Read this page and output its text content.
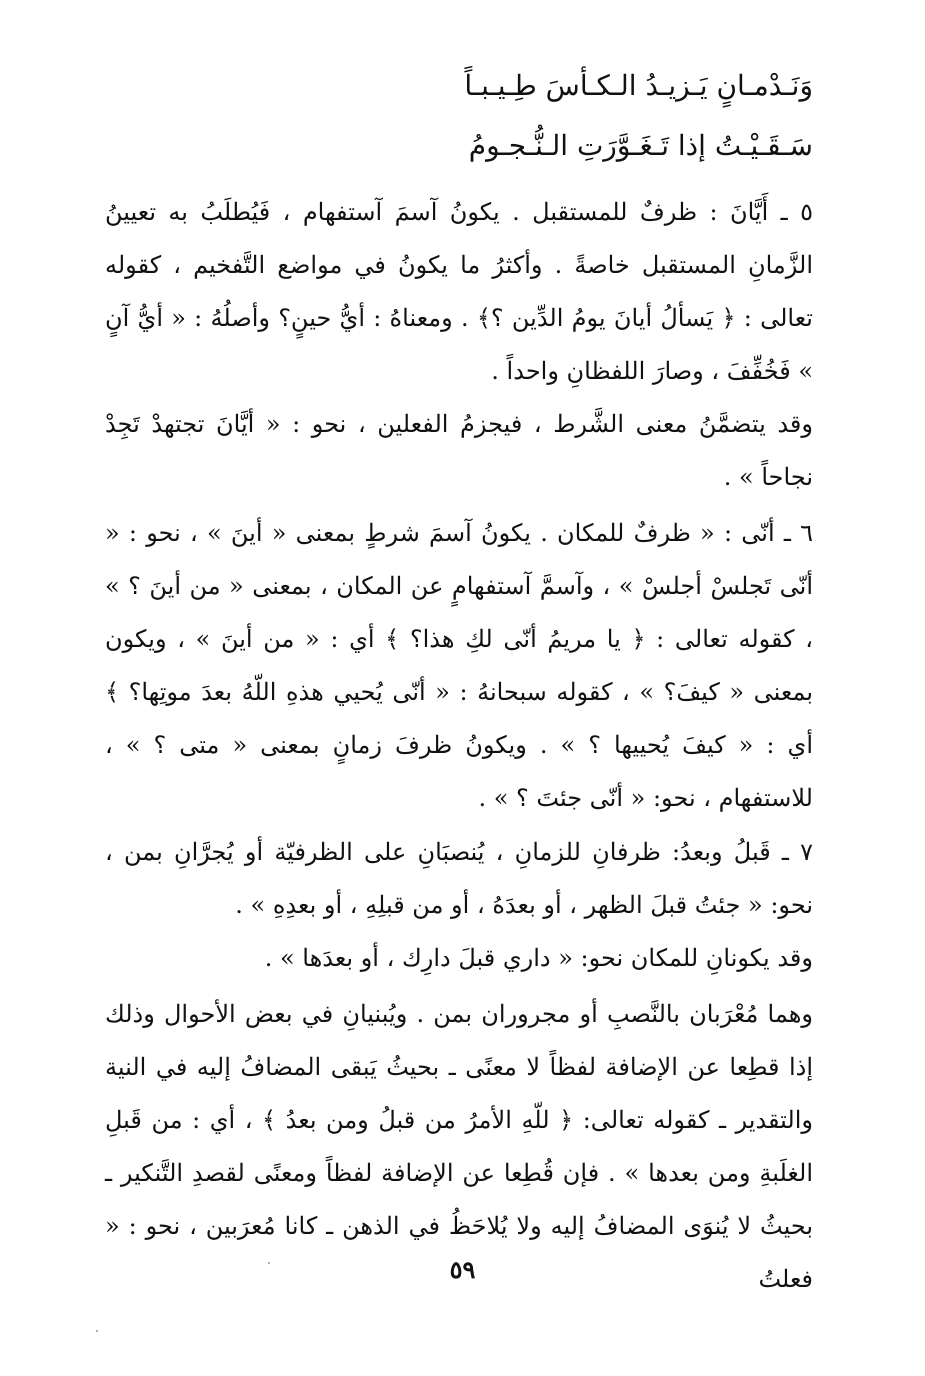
وَنَـدْمـانٍ يَـزيـدُ الـكـأسَ طِـيـبـاً
سَـقَـيْـتُ إذا تَـغَـوَّرَتِ الـنُّـجـومُ
٥ ـ أَيَّانَ : ظرفٌ للمستقبل . يكونُ آسمَ آستفهام ، فَيُطلَبُ به تعيينُ الزَّمانِ المستقبل خاصةً . وأكثرُ ما يكونُ في مواضع التَّفخيم ، كقوله تعالى : ﴿ يَسألُ أيانَ يومُ الدِّين ؟﴾ . ومعناهُ : أيُّ حينٍ؟ وأصلُهُ : « أيُّ آنٍ » فَخُفِّفَ ، وصارَ اللفظانِ واحداً .
وقد يتضمَّنُ معنى الشَّرط ، فيجزمُ الفعلين ، نحو : « أيَّانَ تجتهدْ تَجِدْ نجاحاً » .
٦ ـ أنّى : « ظرفٌ للمكان . يكونُ آسمَ شرطٍ بمعنى « أينَ » ، نحو : « أنّى تَجلسْ أجلسْ » ، وآسمَّ آستفهامٍ عن المكان ، بمعنى « من أينَ ؟ » ، كقوله تعالى : ﴿ يا مريمُ أنّى لكِ هذا؟ ﴾ أي : « من أينَ » ، ويكون بمعنى « كيفَ؟ » ، كقوله سبحانهُ : « أنّى يُحيي هذهِ اللّهُ بعدَ موتِها؟ ﴾ أي : « كيفَ يُحييها ؟ » . ويكونُ ظرفَ زمانٍ بمعنى « متى ؟ » ، للاستفهام ، نحو: « أنّى جئتَ ؟ » .
٧ ـ قَبلُ وبعدُ: ظرفانِ للزمانِ ، يُنصبَانِ على الظرفيّة أو يُجرَّانِ بمن ، نحو: « جئتُ قبلَ الظهر ، أو بعدَهُ ، أو من قبلِهِ ، أو بعدِهِ » .
وقد يكونانِ للمكان نحو: « داري قبلَ دارِك ، أو بعدَها » .
وهما مُعْرَبان بالنَّصبِ أو مجروران بمن . ويُبنيانِ في بعض الأحوال وذلك إذا قطِعا عن الإضافة لفظاً لا معنًى ـ بحيثُ يَبقى المضافُ إليه في النية والتقدير ـ كقوله تعالى: ﴿ للّهِ الأمرُ من قبلُ ومن بعدُ ﴾ ، أي : من قَبلِ الغلَبةِ ومن بعدها » . فإن قُطِعا عن الإضافة لفظاً ومعنًى لقصدِ التَّنكير ـ بحيثُ لا يُنوَى المضافُ إليه ولا يُلاحَظُ في الذهن ـ كانا مُعرَبين ، نحو : « فعلتُ
٥٩
